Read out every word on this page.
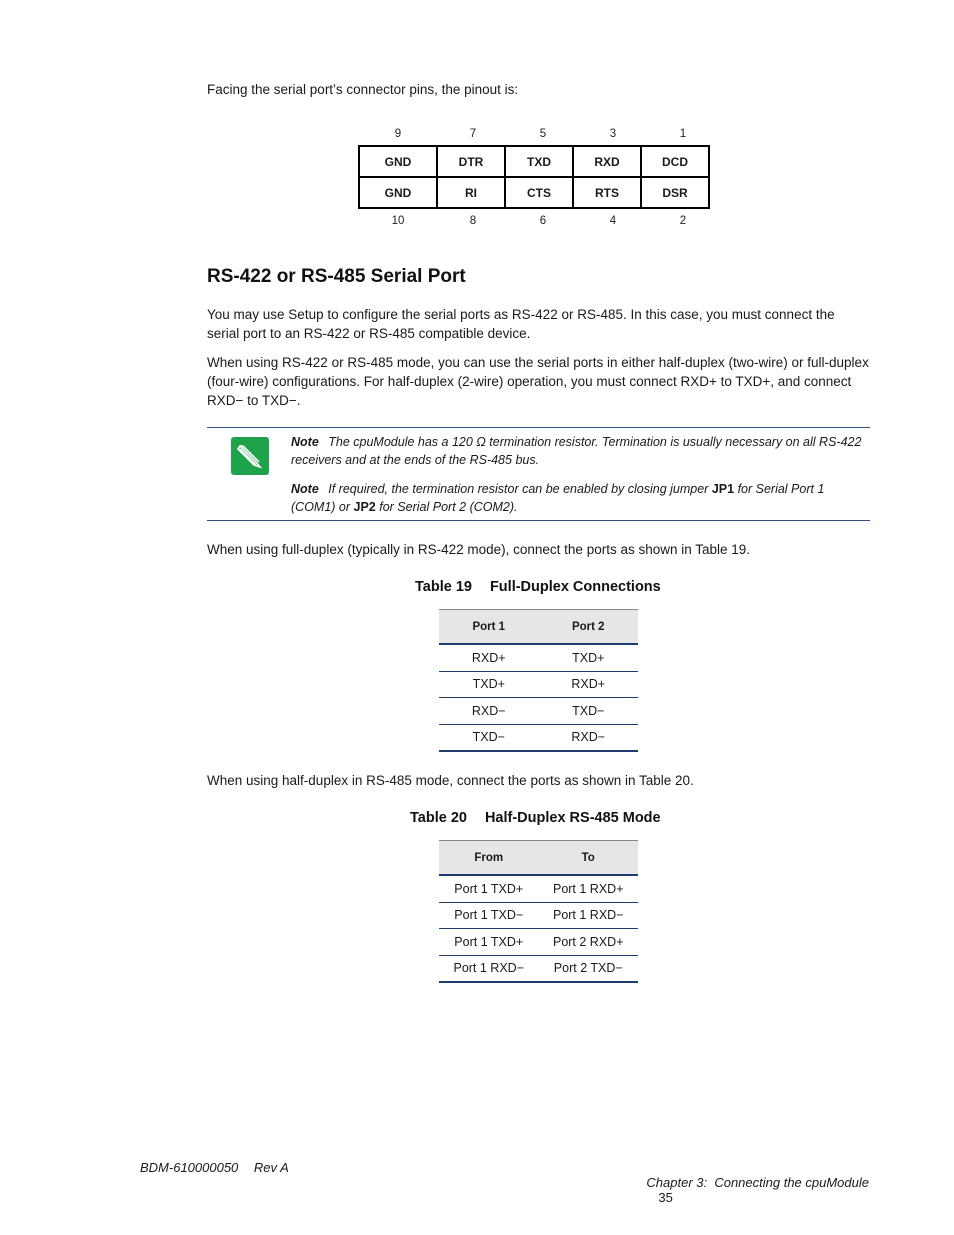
Facing the serial port’s connector pins, the pinout is:
9	7	5	3	1
GND	DTR	TXD	RXD	DCD
GND	RI	CTS	RTS	DSR
10	8	6	4	2
RS-422 or RS-485 Serial Port
You may use Setup to configure the serial ports as RS-422 or RS-485. In this case, you must connect the serial port to an RS-422 or RS-485 compatible device.
When using RS-422 or RS-485 mode, you can use the serial ports in either half-duplex (two-wire) or full-duplex (four-wire) configurations. For half-duplex (2-wire) operation, you must connect RXD+ to TXD+, and connect RXD− to TXD−.
Note The cpuModule has a 120 Ω termination resistor. Termination is usually necessary on all RS-422 receivers and at the ends of the RS-485 bus.
Note If required, the termination resistor can be enabled by closing jumper JP1 for Serial Port 1 (COM1) or JP2 for Serial Port 2 (COM2).
When using full-duplex (typically in RS-422 mode), connect the ports as shown in Table 19.
Table 19 Full-Duplex Connections
Port 1	Port 2
RXD+	TXD+
TXD+	RXD+
RXD−	TXD−
TXD−	RXD−
When using half-duplex in RS-485 mode, connect the ports as shown in Table 20.
Table 20 Half-Duplex RS-485 Mode
From	To
Port 1 TXD+	Port 1 RXD+
Port 1 TXD−	Port 1 RXD−
Port 1 TXD+	Port 2 RXD+
Port 1 RXD−	Port 2 TXD−
BDM-610000050 Rev A

Chapter 3:  Connecting the cpuModule
35
